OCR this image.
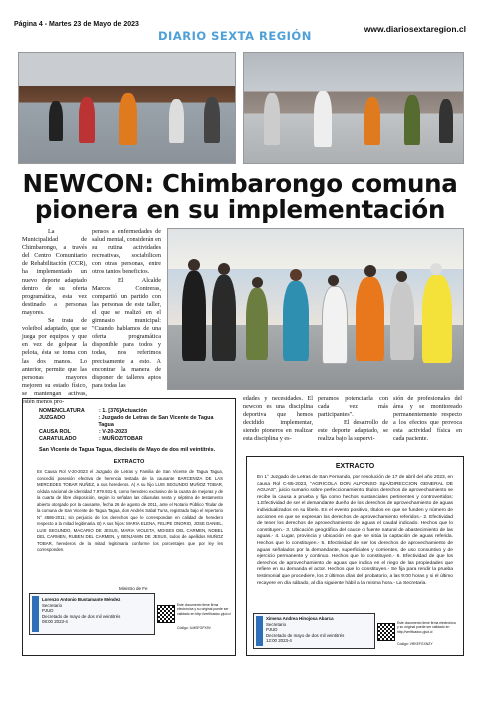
Página 4 - Martes 23 de Mayo de 2023
DIARIO SEXTA REGIÓN	www.diariosextaregion.cl
NEWCON: Chimbarongo comuna
pionera en su implementación

La Municipalidad de Chimbarongo, a través del Centro Comunitario de Rehabilitación (CCR), ha implementado un nuevo deporte adaptado dentro de su oferta programática, esta vez destinado a personas mayores.

Se trata de voleibol adaptado, que se juega por equipos y que en vez de golpear la pelota, ésta se toma con las dos manos. Lo anterior, permite que las personas mayores mejoren su estado físico, se mantengan activas, estén menos pro-

pensos a enfermedades de salud mental, considerán en su rutina actividades recreativas, sociabilicen con otras personas, entre otros tantos beneficios.

El Alcalde Marcos Contreras, compartió un partido con las personas de este taller, el que se realizó en el gimnasio municipal: "Cuando hablamos de una oferta programática disponible para todos y todas, nos referimos precisamente a esto. A encontrar la manera de disponer de talleres aptos para todas las

edades y necesidades. El newcon es una disciplina deportiva que hemos decidido implementar, siendo pioneros en realizar esta disciplina y es-

peramos potenciarla con cada vez más participantes".

El desarrollo de este deporte adaptado, se realiza bajo la supervi-

sión de profesionales del área y se monitoreado permanentemente respecto a los efectos que provoca esta actividad física en cada paciente.

NOMENCLATURA	: 1. [376]Actuación
JUZGADO	: Juzgado de Letras de San Vicente de Tagua Tagua
CAUSA ROL	: V-20-2023
CARATULADO	: MUÑOZ/TOBAR
San Vicente de Tagua Tagua, dieciséis de Mayo de dos mil veintitrés.
EXTRACTO
En Causa Rol V-20-2023 el Juzgado de Letras y Familia de San Vicente de Tagua Tagua, concedió posesión efectiva de herencia testada de la causante BARCENIZA DE LAS MERCEDES TOBAR NUÑEZ, a sus herederos. A) A su hijo LUIS SEGUNDO MUÑOZ TOBAR, cédula nacional de identidad 7.979.931-5, como heredero exclusivo de la cuarta de mejoras y de la cuarta de libre disposición, según lo señalan las cláusulas sexta y séptima de testamento abierto otorgado por la causante, fecha 26 de agosto de 2011, ante el Notario Público Titular de la comuna de San Vicente de Tagua Tagua, don Andrés Sabal Turra, registrado bajo el repertorio N° 4686-2011; sin perjuicio de los derechos que le correspondan en calidad de heredero respecto a la mitad legitimaria. B) A sus hijos: MARIA ELENA, FELIPE ONORIO, JOSE DANIEL, LUIS SEGUNDO, MACARIO DE JESUS, MARIA VIOLETA, MOISES DEL CARMEN, NOBEL DEL CARMEN, RUBEN DEL CARMEN, y BENJAMIN DE JESUS, todos de apellidos MUÑOZ TOBAR, herederos de la mitad legitimaria conforme los porcentajes que por ley les corresponden.
Ministro de Fe
Lorenzo Antonio Bustamante Méndez
Secretario
PJUD
Decretado de mayo de dos mil veintitrés
08:00 2023-4
Este documento tiene firma electrónica y su original puede ser validado en http://verificadoc.pjud.cl
Código: ILMSFGPX9V
EXTRACTO
En 1° Juzgado de Letras de San Fernando, por resolución de 17 de abril del año 2023, en causa Rol C-85-2023, "AGRICOLA DON ALFONSO SpA/DIRECCION GENERAL DE AGUAS", juicio sumario sobre perfeccionamiento títulos derechos de aprovechamiento se recibe la causa a prueba y fija como hechos sustanciales pertinentes y controvertidos: 1.Efectividad de ser el demandante dueño de los derechos de aprovechamiento de aguas individualizados en su libelo. En el evento positivo, títulos en que se funden y número de acciones en que se expresan los derechos de aprovechamiento referidos.- 2. Efectividad de tener los derechos de aprovechamiento de aguas el caudal indicado. Hechos que lo constituyen.- 3. Ubicación geográfica del cauce o fuente natural de abastecimiento de las aguas.- 4. Lugar, provincia y ubicación en que se sitúa la captación de aguas referida. Hechos que lo constituyen.- 5. Efectividad de ser los derechos de aprovechamiento de aguas señalados por la demandante, superficiales y corrientes, de uso consuntivo y de ejercicio permanente y continuo. Hechos que lo constituyen.- 6. Efectividad de que los derechos de aprovechamiento de aguas que indica en el riego de las propiedades que refiere en su demanda el actor. Hechos que lo constituyen.- Se fija para rendir la prueba testimonial que procediere, los 2 últimos días del probatorio, a las 9:00 horas y si el último recayere en día sábado, al día siguiente hábil a la misma hora.- La Secretaria.
Ximena Andrea Hinojosa Abarca
Secretario
PJUD
Decretado de mayo de dos mil veintitrés
12:00 2023-4
Este documento tiene firma electrónica y su original puede ser validado en http://verificadoc.pjud.cl
Código: VRKEFGXNZY
